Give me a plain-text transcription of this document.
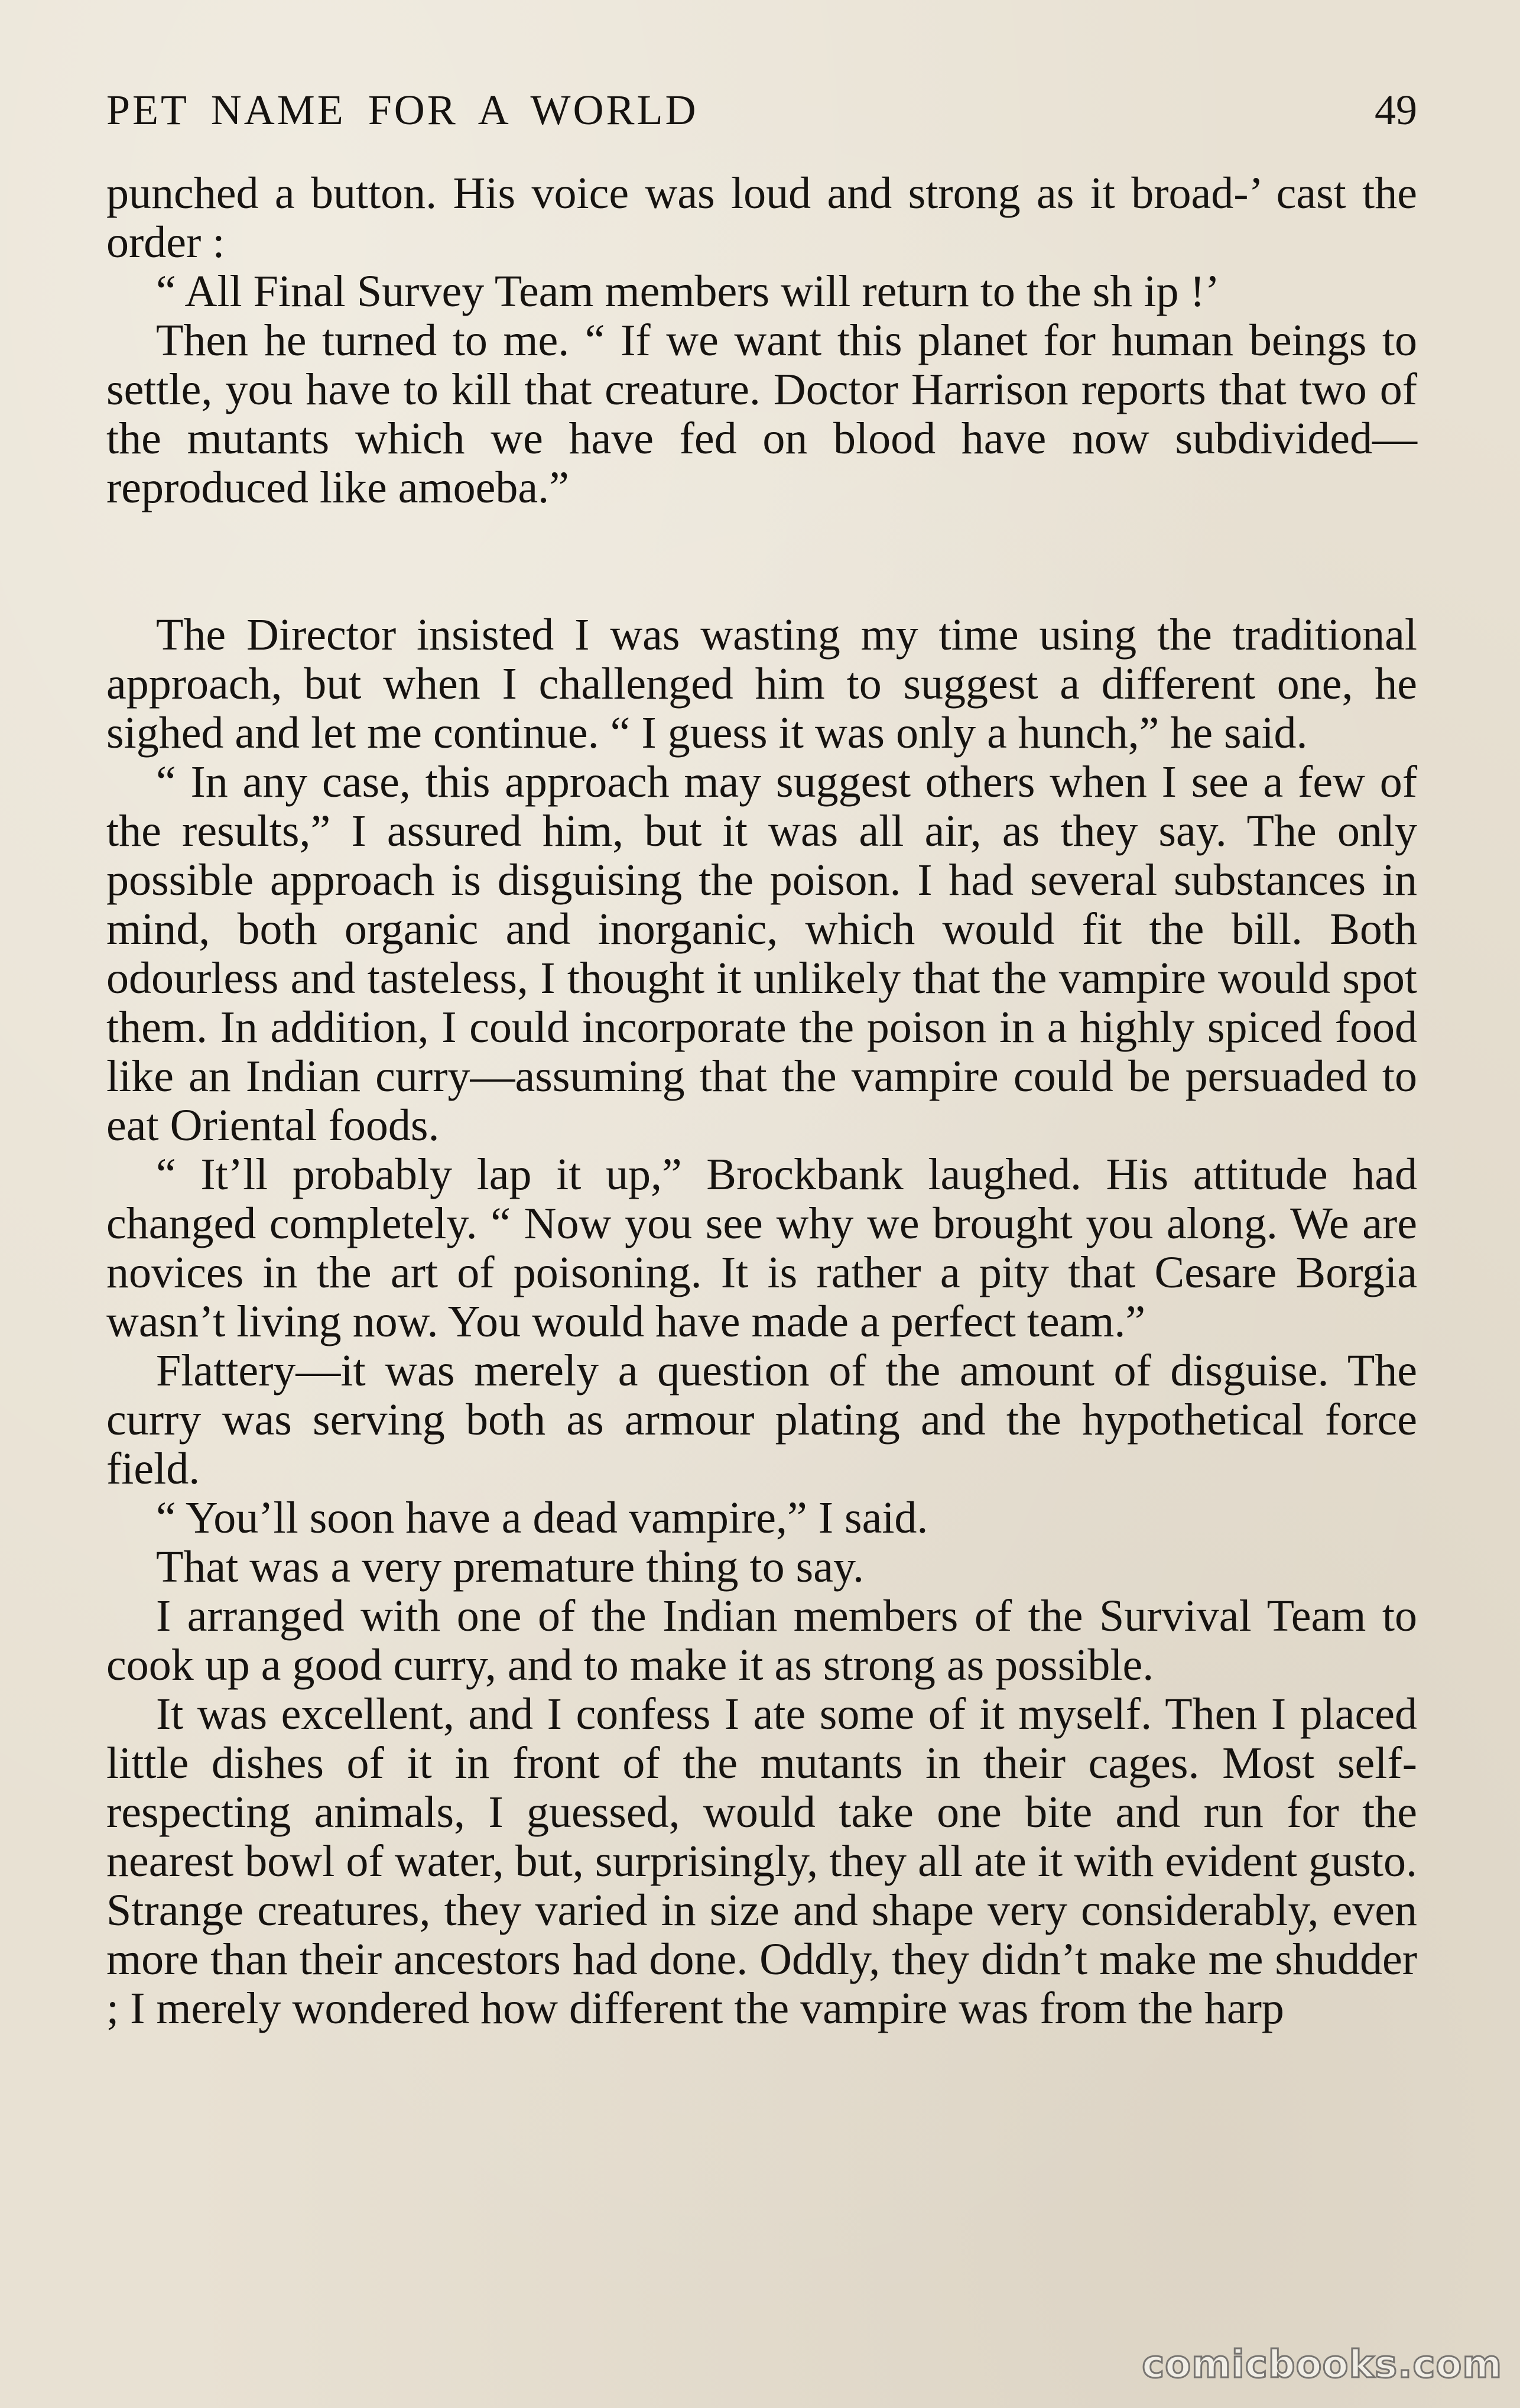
PET NAME FOR A WORLD	49

punched a button. His voice was loud and strong as it broad-’ cast the order :

“ All Final Survey Team members will return to the sh ip !’

Then he turned to me. “ If we want this planet for human beings to settle, you have to kill that creature. Doctor Harrison reports that two of the mutants which we have fed on blood have now subdivided—reproduced like amoeba.”

The Director insisted I was wasting my time using the traditional approach, but when I challenged him to suggest a different one, he sighed and let me continue. “ I guess it was only a hunch,” he said.

“ In any case, this approach may suggest others when I see a few of the results,” I assured him, but it was all air, as they say. The only possible approach is disguising the poison. I had several substances in mind, both organic and inorganic, which would fit the bill. Both odourless and tasteless, I thought it unlikely that the vampire would spot them. In addition, I could incorporate the poison in a highly spiced food like an Indian curry—assuming that the vampire could be persuaded to eat Oriental foods.

“ It’ll probably lap it up,” Brockbank laughed. His attitude had changed completely. “ Now you see why we brought you along. We are novices in the art of poisoning. It is rather a pity that Cesare Borgia wasn’t living now. You would have made a perfect team.”

Flattery—it was merely a question of the amount of disguise. The curry was serving both as armour plating and the hypothetical force field.

“ You’ll soon have a dead vampire,” I said.

That was a very premature thing to say.

I arranged with one of the Indian members of the Survival Team to cook up a good curry, and to make it as strong as possible.

It was excellent, and I confess I ate some of it myself. Then I placed little dishes of it in front of the mutants in their cages. Most self-respecting animals, I guessed, would take one bite and run for the nearest bowl of water, but, surprisingly, they all ate it with evident gusto. Strange creatures, they varied in size and shape very considerably, even more than their ancestors had done. Oddly, they didn’t make me shudder ; I merely wondered how different the vampire was from the harp

comicbooks.com
